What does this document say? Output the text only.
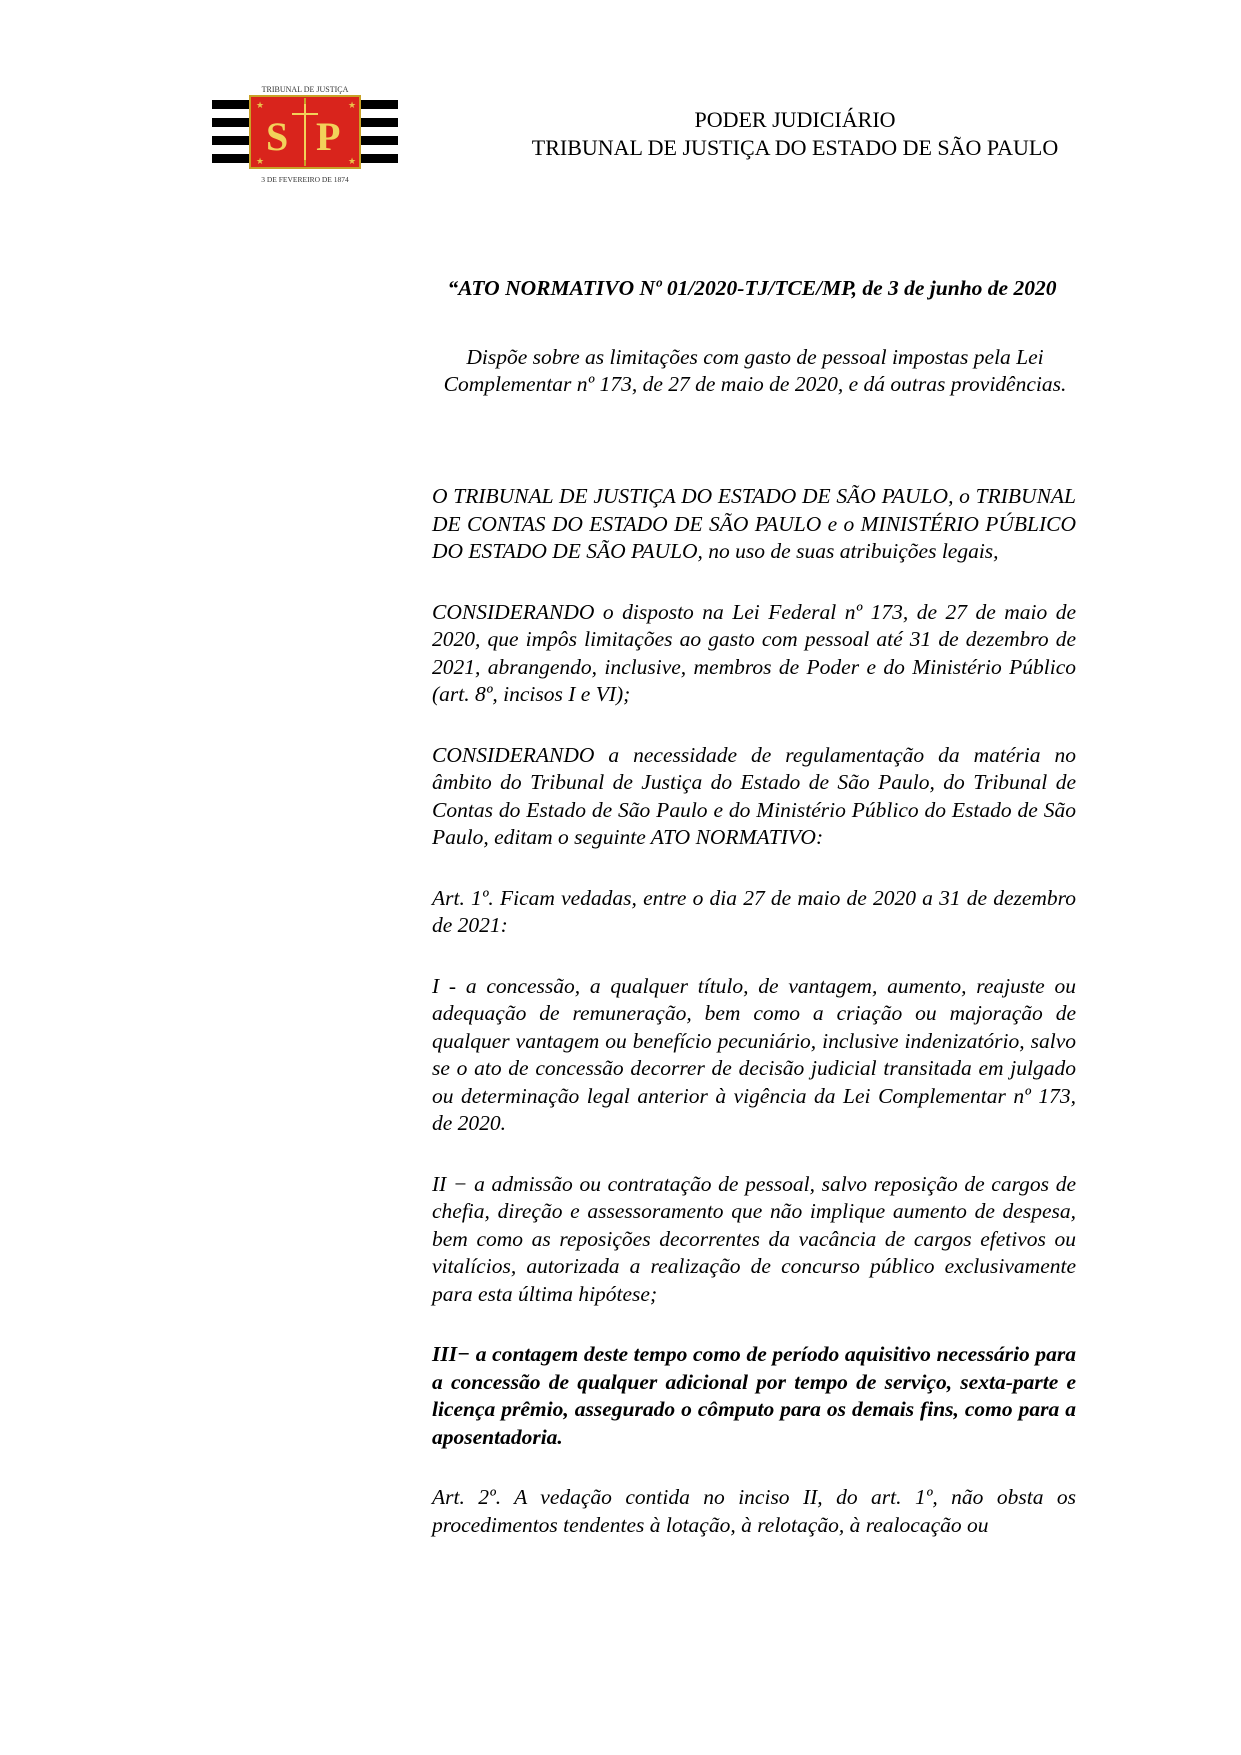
★	★
★	★
S P
TRIBUNAL DE JUSTIÇA
3 DE FEVEREIRO DE 1874
PODER JUDICIÁRIO
TRIBUNAL DE JUSTIÇA DO ESTADO DE SÃO PAULO
“ATO NORMATIVO Nº 01/2020-TJ/TCE/MP, de 3 de junho de 2020
Dispõe sobre as limitações com gasto de pessoal impostas pela Lei Complementar nº 173, de 27 de maio de 2020, e dá outras providências.

O TRIBUNAL DE JUSTIÇA DO ESTADO DE SÃO PAULO, o TRIBUNAL DE CONTAS DO ESTADO DE SÃO PAULO e o MINISTÉRIO PÚBLICO DO ESTADO DE SÃO PAULO, no uso de suas atribuições legais,

CONSIDERANDO o disposto na Lei Federal nº 173, de 27 de maio de 2020, que impôs limitações ao gasto com pessoal até 31 de dezembro de 2021, abrangendo, inclusive, membros de Poder e do Ministério Público (art. 8º, incisos I e VI);

CONSIDERANDO a necessidade de regulamentação da matéria no âmbito do Tribunal de Justiça do Estado de São Paulo, do Tribunal de Contas do Estado de São Paulo e do Ministério Público do Estado de São Paulo, editam o seguinte ATO NORMATIVO:

Art. 1º. Ficam vedadas, entre o dia 27 de maio de 2020 a 31 de dezembro de 2021:

I - a concessão, a qualquer título, de vantagem, aumento, reajuste ou adequação de remuneração, bem como a criação ou majoração de qualquer vantagem ou benefício pecuniário, inclusive indenizatório, salvo se o ato de concessão decorrer de decisão judicial transitada em julgado ou determinação legal anterior à vigência da Lei Complementar nº 173, de 2020.

II − a admissão ou contratação de pessoal, salvo reposição de cargos de chefia, direção e assessoramento que não implique aumento de despesa, bem como as reposições decorrentes da vacância de cargos efetivos ou vitalícios, autorizada a realização de concurso público exclusivamente para esta última hipótese;

III− a contagem deste tempo como de período aquisitivo necessário para a concessão de qualquer adicional por tempo de serviço, sexta-parte e licença prêmio, assegurado o cômputo para os demais fins, como para a aposentadoria.

Art. 2º. A vedação contida no inciso II, do art. 1º, não obsta os procedimentos tendentes à lotação, à relotação, à realocação ou
